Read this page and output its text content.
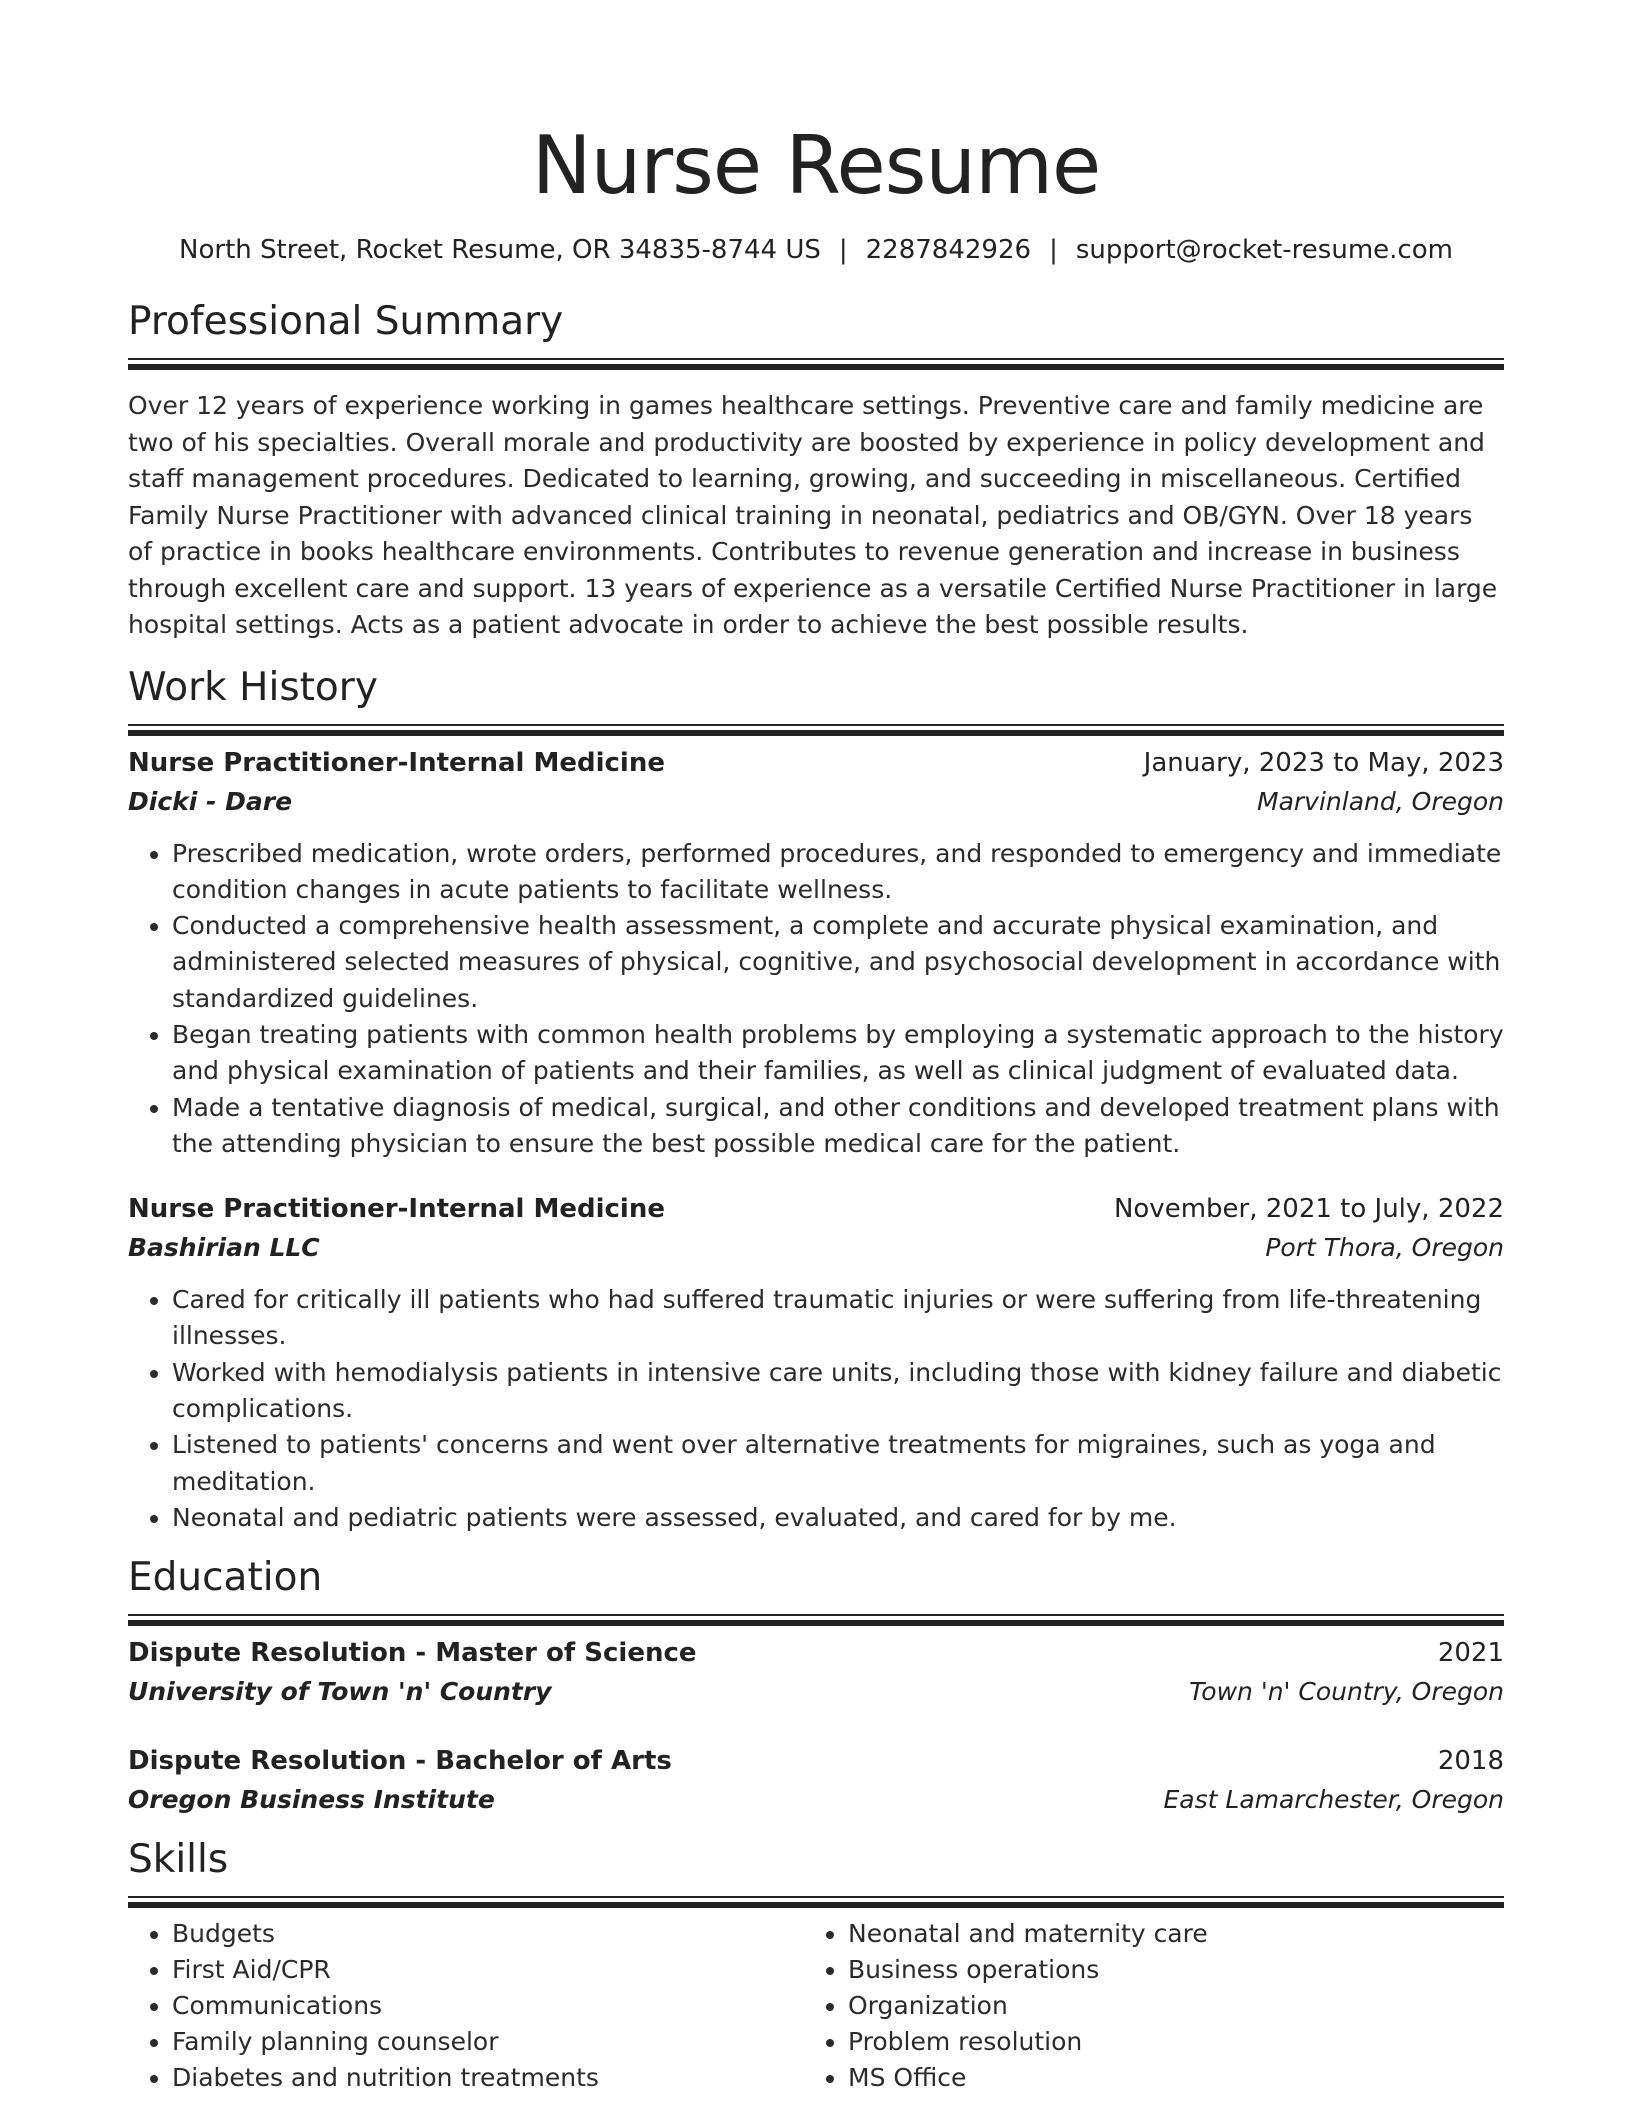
Nurse Resume
North Street, Rocket Resume, OR 34835-8744 US | 2287842926 | support@rocket-resume.com
Professional Summary
Over 12 years of experience working in games healthcare settings. Preventive care and family medicine are two of his specialties. Overall morale and productivity are boosted by experience in policy development and staff management procedures. Dedicated to learning, growing, and succeeding in miscellaneous. Certified Family Nurse Practitioner with advanced clinical training in neonatal, pediatrics and OB/GYN. Over 18 years of practice in books healthcare environments. Contributes to revenue generation and increase in business through excellent care and support. 13 years of experience as a versatile Certified Nurse Practitioner in large hospital settings. Acts as a patient advocate in order to achieve the best possible results.
Work History
Nurse Practitioner-Internal Medicine	January, 2023 to May, 2023
Dicki - Dare	Marvinland, Oregon
• Prescribed medication, wrote orders, performed procedures, and responded to emergency and immediate condition changes in acute patients to facilitate wellness.
• Conducted a comprehensive health assessment, a complete and accurate physical examination, and administered selected measures of physical, cognitive, and psychosocial development in accordance with standardized guidelines.
• Began treating patients with common health problems by employing a systematic approach to the history and physical examination of patients and their families, as well as clinical judgment of evaluated data.
• Made a tentative diagnosis of medical, surgical, and other conditions and developed treatment plans with the attending physician to ensure the best possible medical care for the patient.
Nurse Practitioner-Internal Medicine	November, 2021 to July, 2022
Bashirian LLC	Port Thora, Oregon
• Cared for critically ill patients who had suffered traumatic injuries or were suffering from life-threatening illnesses.
• Worked with hemodialysis patients in intensive care units, including those with kidney failure and diabetic complications.
• Listened to patients' concerns and went over alternative treatments for migraines, such as yoga and meditation.
• Neonatal and pediatric patients were assessed, evaluated, and cared for by me.
Education
Dispute Resolution - Master of Science	2021
University of Town 'n' Country	Town 'n' Country, Oregon
Dispute Resolution - Bachelor of Arts	2018
Oregon Business Institute	East Lamarchester, Oregon
Skills
• Budgets
• First Aid/CPR
• Communications
• Family planning counselor
• Diabetes and nutrition treatments
• Neonatal and maternity care
• Business operations
• Organization
• Problem resolution
• MS Office
